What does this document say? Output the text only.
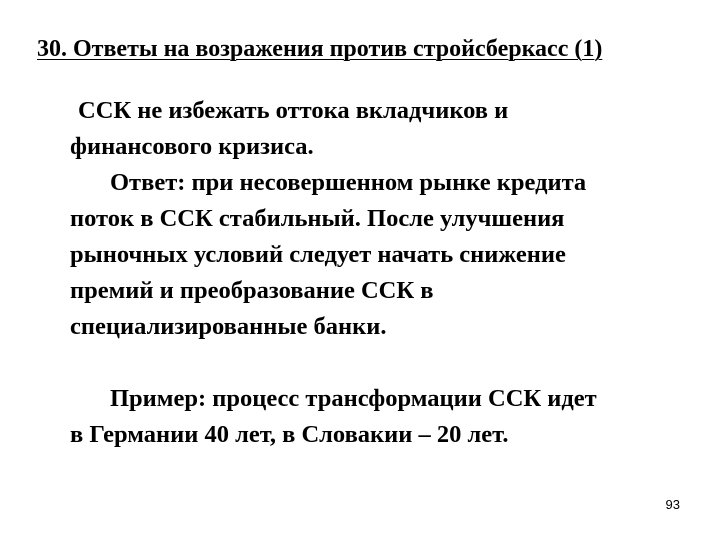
30. Ответы на возражения против стройсберкасс (1)
ССК не избежать оттока вкладчиков и
финансового кризиса.
Ответ: при несовершенном рынке кредита
поток в ССК стабильный. После улучшения
рыночных условий следует начать снижение
премий и преобразование ССК в
специализированные банки.
Пример: процесс трансформации ССК идет
в Германии 40 лет, в Словакии – 20 лет.
93
